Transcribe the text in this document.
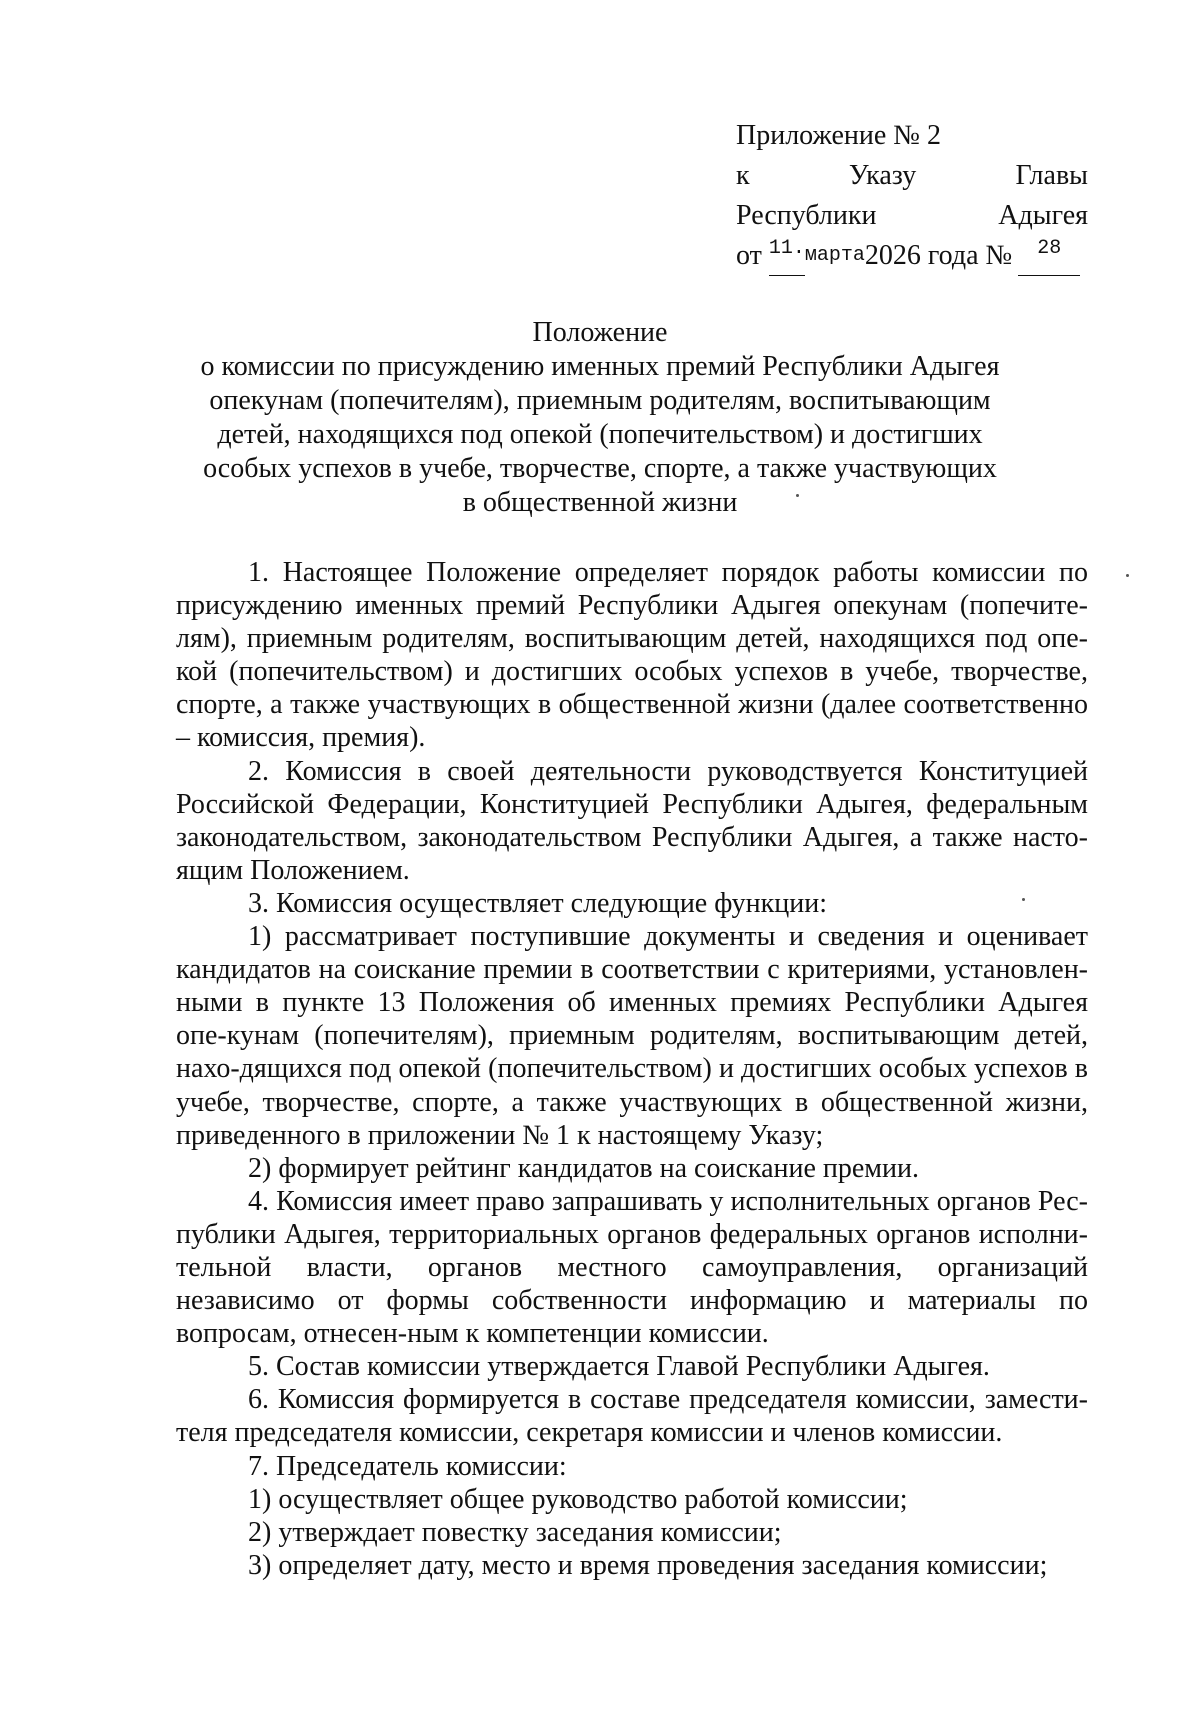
Приложение № 2
к	Указу	Главы
Республики	Адыгея
от
11. марта 2026 года №	28
Положение
о комиссии по присуждению именных премий Республики Адыгея
опекунам (попечителям), приемным родителям, воспитывающим
детей, находящихся под опекой (попечительством) и достигших
особых успехов в учебе, творчестве, спорте, а также участвующих
в общественной жизни

1. Настоящее Положение определяет порядок работы комиссии по присуждению именных премий Республики Адыгея опекунам (попечите-лям), приемным родителям, воспитывающим детей, находящихся под опе-кой (попечительством) и достигших особых успехов в учебе, творчестве, спорте, а также участвующих в общественной жизни (далее соответственно – комиссия, премия).

2. Комиссия в своей деятельности руководствуется Конституцией Российской Федерации, Конституцией Республики Адыгея, федеральным законодательством, законодательством Республики Адыгея, а также насто-ящим Положением.

3. Комиссия осуществляет следующие функции:

1) рассматривает поступившие документы и сведения и оценивает кандидатов на соискание премии в соответствии с критериями, установлен-ными в пункте 13 Положения об именных премиях Республики Адыгея опе-кунам (попечителям), приемным родителям, воспитывающим детей, нахо-дящихся под опекой (попечительством) и достигших особых успехов в учебе, творчестве, спорте, а также участвующих в общественной жизни, приведенного в приложении № 1 к настоящему Указу;

2) формирует рейтинг кандидатов на соискание премии.

4. Комиссия имеет право запрашивать у исполнительных органов Рес-публики Адыгея, территориальных органов федеральных органов исполни-тельной власти, органов местного самоуправления, организаций независимо от формы собственности информацию и материалы по вопросам, отнесен-ным к компетенции комиссии.

5. Состав комиссии утверждается Главой Республики Адыгея.

6. Комиссия формируется в составе председателя комиссии, замести-теля председателя комиссии, секретаря комиссии и членов комиссии.

7. Председатель комиссии:

1) осуществляет общее руководство работой комиссии;

2) утверждает повестку заседания комиссии;

3) определяет дату, место и время проведения заседания комиссии;
